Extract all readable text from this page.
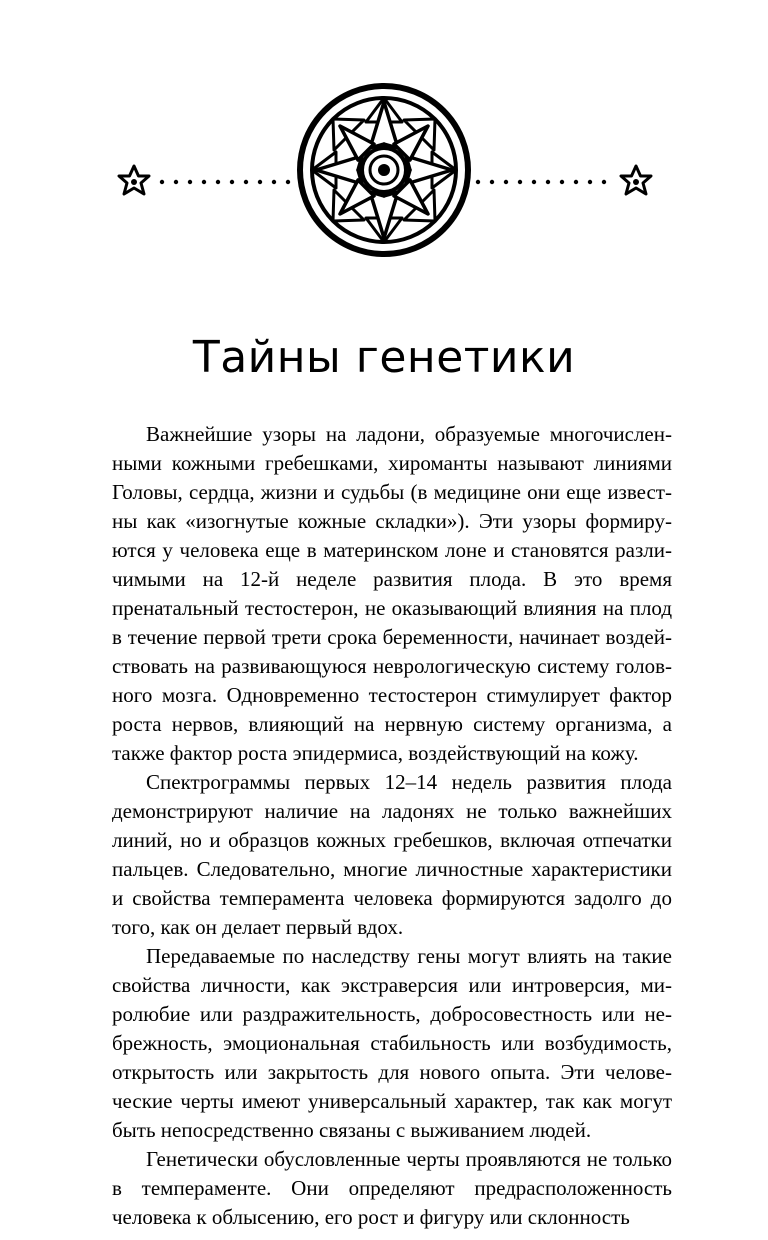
Тайны генетики

Важнейшие узоры на ладони, образуемые многочисленными кожными гребешками, хироманты называют линиями Головы, сердца, жизни и судьбы (в медицине они еще известны как «изогнутые кожные складки»). Эти узоры формируются у человека еще в материнском лоне и становятся различимыми на 12-й неделе развития плода. В это время пренатальный тестостерон, не оказывающий влияния на плод в течение первой трети срока беременности, начинает воздействовать на развивающуюся неврологическую систему головного мозга. Одновременно тестостерон стимулирует фактор роста нервов, влияющий на нервную систему организма, а также фактор роста эпидермиса, воздействующий на кожу.

Спектрограммы первых 12–14 недель развития плода демонстрируют наличие на ладонях не только важнейших линий, но и образцов кожных гребешков, включая отпечатки пальцев. Следовательно, многие личностные характеристики и свойства темперамента человека формируются задолго до того, как он делает первый вдох.

Передаваемые по наследству гены могут влиять на такие свойства личности, как экстраверсия или интроверсия, миролюбие или раздражительность, добросовестность или небрежность, эмоциональная стабильность или возбудимость, открытость или закрытость для нового опыта. Эти человеческие черты имеют универсальный характер, так как могут быть непосредственно связаны с выживанием людей.

Генетически обусловленные черты проявляются не только в темпераменте. Они определяют предрасположенность человека к облысению, его рост и фигуру или склонность
